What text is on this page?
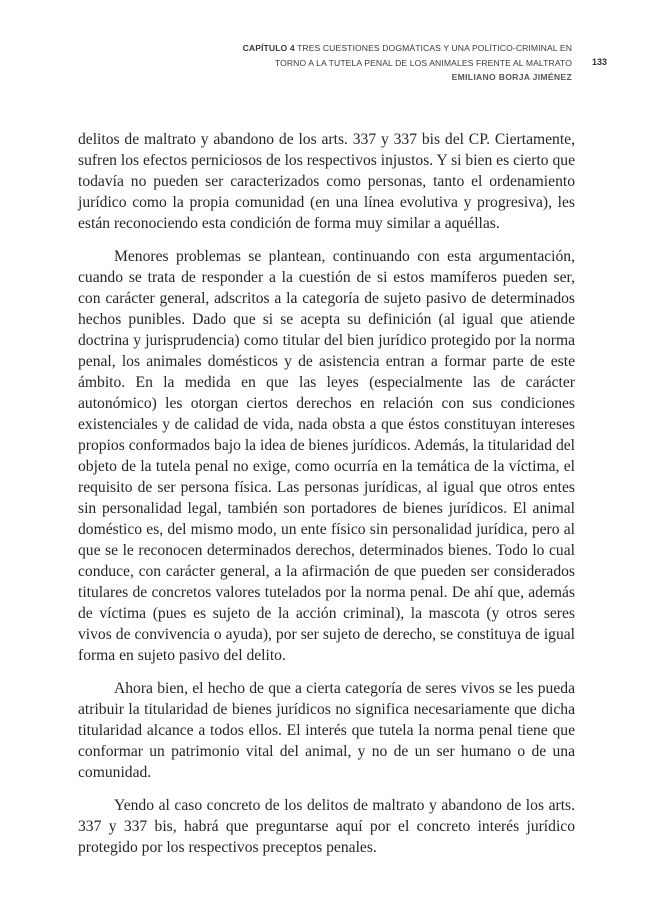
CAPÍTULO 4 TRES CUESTIONES DOGMÁTICAS Y UNA POLÍTICO-CRIMINAL EN
TORNO A LA TUTELA PENAL DE LOS ANIMALES FRENTE AL MALTRATO
EMILIANO BORJA JIMÉNEZ
133

delitos de maltrato y abandono de los arts. 337 y 337 bis del CP. Ciertamente, sufren los efectos perniciosos de los respectivos injustos. Y si bien es cierto que todavía no pueden ser caracterizados como personas, tanto el ordenamiento jurídico como la propia comunidad (en una línea evolutiva y progresiva), les están reconociendo esta condición de forma muy similar a aquéllas.

Menores problemas se plantean, continuando con esta argumentación, cuando se trata de responder a la cuestión de si estos mamíferos pueden ser, con carácter general, adscritos a la categoría de sujeto pasivo de determinados hechos punibles. Dado que si se acepta su definición (al igual que atiende doctrina y jurisprudencia) como titular del bien jurídico protegido por la norma penal, los animales domésticos y de asistencia entran a formar parte de este ámbito. En la medida en que las leyes (especialmente las de carácter autonómico) les otorgan ciertos derechos en relación con sus condiciones existenciales y de calidad de vida, nada obsta a que éstos constituyan intereses propios conformados bajo la idea de bienes jurídicos. Además, la titularidad del objeto de la tutela penal no exige, como ocurría en la temática de la víctima, el requisito de ser persona física. Las personas jurídicas, al igual que otros entes sin personalidad legal, también son portadores de bienes jurídicos. El animal doméstico es, del mismo modo, un ente físico sin personalidad jurídica, pero al que se le reconocen determinados derechos, determinados bienes. Todo lo cual conduce, con carácter general, a la afirmación de que pueden ser considerados titulares de concretos valores tutelados por la norma penal. De ahí que, además de víctima (pues es sujeto de la acción criminal), la mascota (y otros seres vivos de convivencia o ayuda), por ser sujeto de derecho, se constituya de igual forma en sujeto pasivo del delito.

Ahora bien, el hecho de que a cierta categoría de seres vivos se les pueda atribuir la titularidad de bienes jurídicos no significa necesariamente que dicha titularidad alcance a todos ellos. El interés que tutela la norma penal tiene que conformar un patrimonio vital del animal, y no de un ser humano o de una comunidad.

Yendo al caso concreto de los delitos de maltrato y abandono de los arts. 337 y 337 bis, habrá que preguntarse aquí por el concreto interés jurídico protegido por los respectivos preceptos penales.
